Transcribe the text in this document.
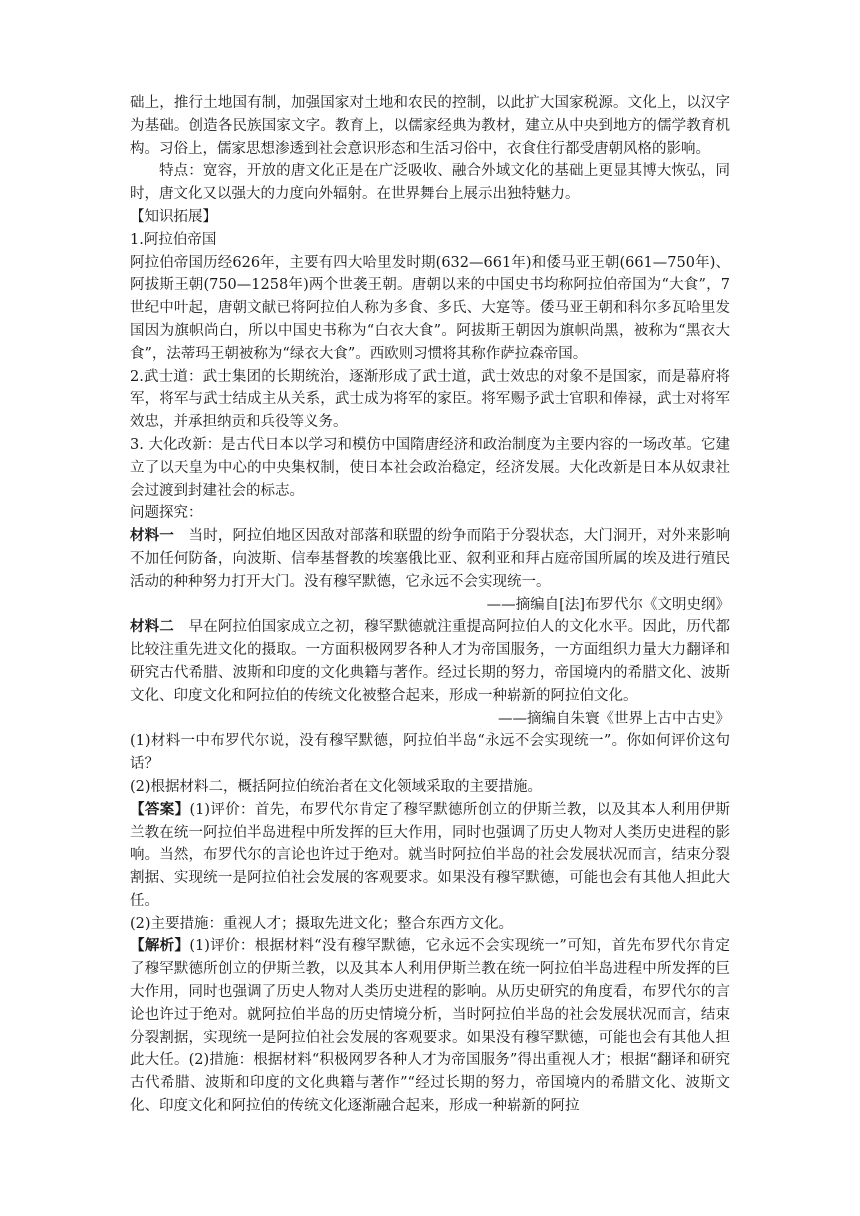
础上，推行土地国有制，加强国家对土地和农民的控制，以此扩大国家税源。文化上，以汉字为基础。创造各民族国家文字。教育上，以儒家经典为教材，建立从中央到地方的儒学教育机构。习俗上，儒家思想渗透到社会意识形态和生活习俗中，衣食住行都受唐朝风格的影响。

特点：宽容，开放的唐文化正是在广泛吸收、融合外域文化的基础上更显其博大恢弘，同时，唐文化又以强大的力度向外辐射。在世界舞台上展示出独特魅力。

【知识拓展】

1.阿拉伯帝国

阿拉伯帝国历经626年，主要有四大哈里发时期(632—661年)和倭马亚王朝(661—750年)、阿拔斯王朝(750—1258年)两个世袭王朝。唐朝以来的中国史书均称阿拉伯帝国为“大食”，7世纪中叶起，唐朝文献已将阿拉伯人称为多食、多氏、大寔等。倭马亚王朝和科尔多瓦哈里发国因为旗帜尚白，所以中国史书称为“白衣大食”。阿拔斯王朝因为旗帜尚黑，被称为“黑衣大食”，法蒂玛王朝被称为“绿衣大食”。西欧则习惯将其称作萨拉森帝国。

2.武士道：武士集团的长期统治，逐渐形成了武士道，武士效忠的对象不是国家，而是幕府将军，将军与武士结成主从关系，武士成为将军的家臣。将军赐予武士官职和俸禄，武士对将军效忠，并承担纳贡和兵役等义务。

3. 大化改新：是古代日本以学习和模仿中国隋唐经济和政治制度为主要内容的一场改革。它建立了以天皇为中心的中央集权制，使日本社会政治稳定，经济发展。大化改新是日本从奴隶社会过渡到封建社会的标志。

问题探究：

材料一　当时，阿拉伯地区因敌对部落和联盟的纷争而陷于分裂状态，大门洞开，对外来影响不加任何防备，向波斯、信奉基督教的埃塞俄比亚、叙利亚和拜占庭帝国所属的埃及进行殖民活动的种种努力打开大门。没有穆罕默德，它永远不会实现统一。

——摘编自[法]布罗代尔《文明史纲》

材料二　早在阿拉伯国家成立之初，穆罕默德就注重提高阿拉伯人的文化水平。因此，历代都比较注重先进文化的摄取。一方面积极网罗各种人才为帝国服务，一方面组织力量大力翻译和研究古代希腊、波斯和印度的文化典籍与著作。经过长期的努力，帝国境内的希腊文化、波斯文化、印度文化和阿拉伯的传统文化被整合起来，形成一种崭新的阿拉伯文化。

——摘编自朱寰《世界上古中古史》

(1)材料一中布罗代尔说，没有穆罕默德，阿拉伯半岛“永远不会实现统一”。你如何评价这句话？

(2)根据材料二，概括阿拉伯统治者在文化领域采取的主要措施。

【答案】(1)评价：首先，布罗代尔肯定了穆罕默德所创立的伊斯兰教，以及其本人利用伊斯兰教在统一阿拉伯半岛进程中所发挥的巨大作用，同时也强调了历史人物对人类历史进程的影响。当然，布罗代尔的言论也许过于绝对。就当时阿拉伯半岛的社会发展状况而言，结束分裂割据、实现统一是阿拉伯社会发展的客观要求。如果没有穆罕默德，可能也会有其他人担此大任。

(2)主要措施：重视人才；摄取先进文化；整合东西方文化。

【解析】(1)评价：根据材料“没有穆罕默德，它永远不会实现统一”可知，首先布罗代尔肯定了穆罕默德所创立的伊斯兰教，以及其本人利用伊斯兰教在统一阿拉伯半岛进程中所发挥的巨大作用，同时也强调了历史人物对人类历史进程的影响。从历史研究的角度看，布罗代尔的言论也许过于绝对。就阿拉伯半岛的历史情境分析，当时阿拉伯半岛的社会发展状况而言，结束分裂割据，实现统一是阿拉伯社会发展的客观要求。如果没有穆罕默德，可能也会有其他人担此大任。(2)措施：根据材料“积极网罗各种人才为帝国服务”得出重视人才；根据“翻译和研究古代希腊、波斯和印度的文化典籍与著作”“经过长期的努力，帝国境内的希腊文化、波斯文化、印度文化和阿拉伯的传统文化逐渐融合起来，形成一种崭新的阿拉
